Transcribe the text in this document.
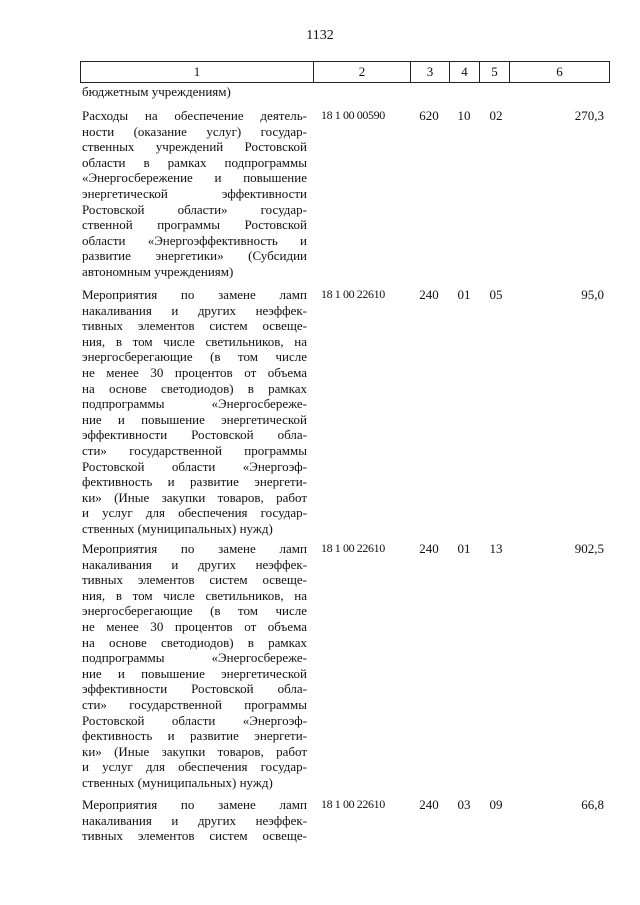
1132
1	2	3	4	5	6
бюджетным учреждениям)
Расходы на обеспечение деятель-
ности (оказание услуг) государ-
ственных учреждений Ростовской
области в рамках подпрограммы
«Энергосбережение и повышение
энергетической эффективности
Ростовской области» государ-
ственной программы Ростовской
области «Энергоэффективность и
развитие энергетики» (Субсидии
автономным учреждениям)
18 1 00 00590	620	10	02	270,3
Мероприятия по замене ламп
накаливания и других неэффек-
тивных элементов систем освеще-
ния, в том числе светильников, на
энергосберегающие (в том числе
не менее 30 процентов от объема
на основе светодиодов) в рамках
подпрограммы «Энергосбереже-
ние и повышение энергетической
эффективности Ростовской обла-
сти» государственной программы
Ростовской области «Энергоэф-
фективность и развитие энергети-
ки» (Иные закупки товаров, работ
и услуг для обеспечения государ-
ственных (муниципальных) нужд)
18 1 00 22610	240	01	05	95,0
Мероприятия по замене ламп
накаливания и других неэффек-
тивных элементов систем освеще-
ния, в том числе светильников, на
энергосберегающие (в том числе
не менее 30 процентов от объема
на основе светодиодов) в рамках
подпрограммы «Энергосбереже-
ние и повышение энергетической
эффективности Ростовской обла-
сти» государственной программы
Ростовской области «Энергоэф-
фективность и развитие энергети-
ки» (Иные закупки товаров, работ
и услуг для обеспечения государ-
ственных (муниципальных) нужд)
18 1 00 22610	240	01	13	902,5
Мероприятия по замене ламп
накаливания и других неэффек-
тивных элементов систем освеще-
18 1 00 22610	240	03	09	66,8
